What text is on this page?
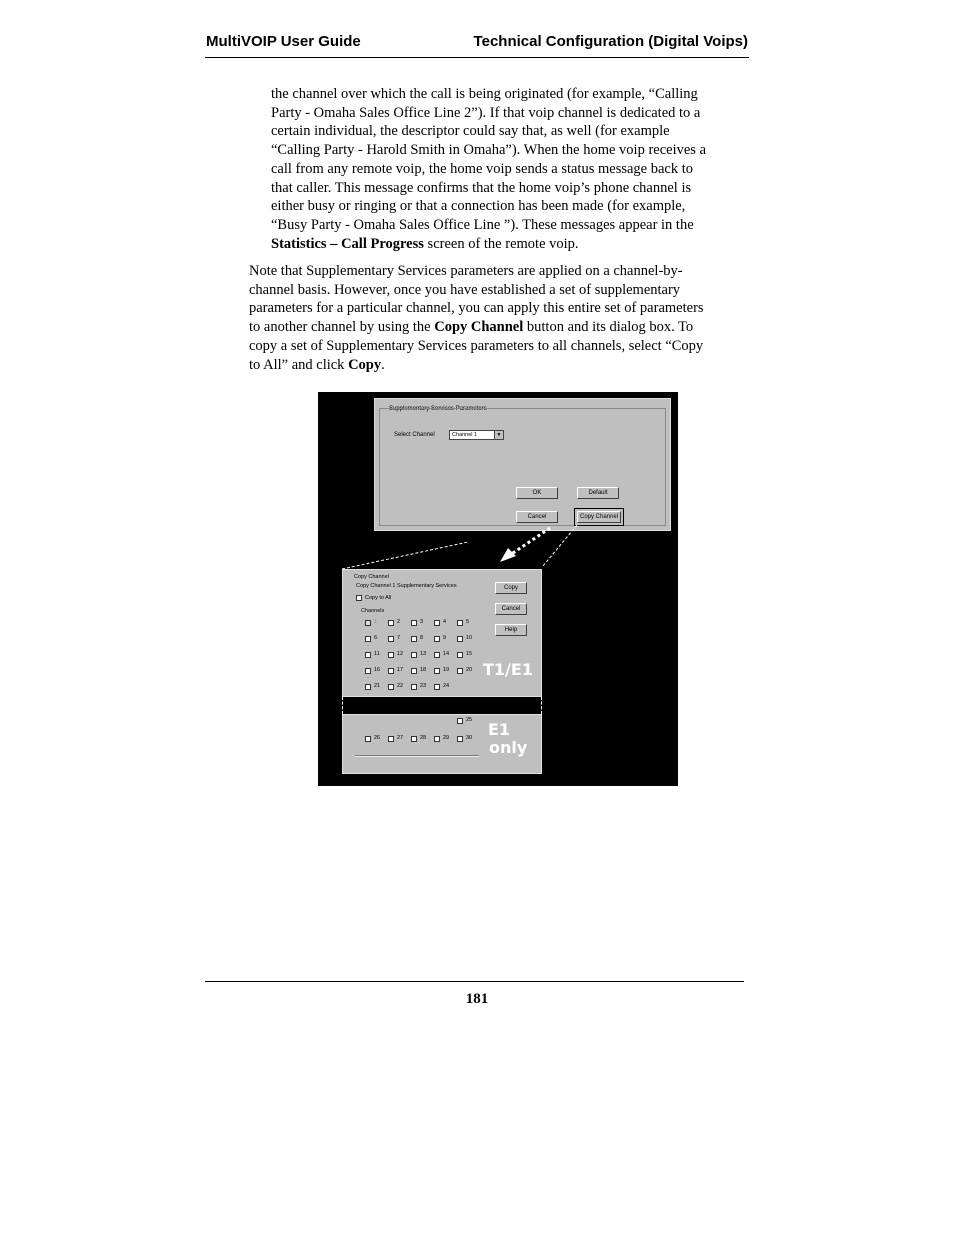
MultiVOIP User Guide	Technical Configuration (Digital Voips)
the channel over which the call is being originated (for example, “Calling
Party - Omaha Sales Office Line 2”). If that voip channel is dedicated to a
certain individual, the descriptor could say that, as well (for example
“Calling Party - Harold Smith in Omaha”). When the home voip receives a
call from any remote voip, the home voip sends a status message back to
that caller. This message confirms that the home voip’s phone channel is
either busy or ringing or that a connection has been made (for example,
“Busy Party - Omaha Sales Office Line ”). These messages appear in the
Statistics – Call Progress screen of the remote voip.
Note that Supplementary Services parameters are applied on a channel-by-
channel basis. However, once you have established a set of supplementary
parameters for a particular channel, you can apply this entire set of parameters
to another channel by using the Copy Channel button and its dialog box. To
copy a set of Supplementary Services parameters to all channels, select “Copy
to All” and click Copy.
Supplementary Services Parameters
Select Channel	Channel 1	▼
OK	Default
Cancel	Copy Channel
Copy Channel
Copy Channel 1 Supplementary Services
Copy to All
Channels
Copy
Cancel
Help
1	2	3	4	5
6	7	8	9	10
11	12	13	14	15
16	17	18	19	20
21	22	23	24
T1/E1
25
26	27	28	29	30 E1
only
181
